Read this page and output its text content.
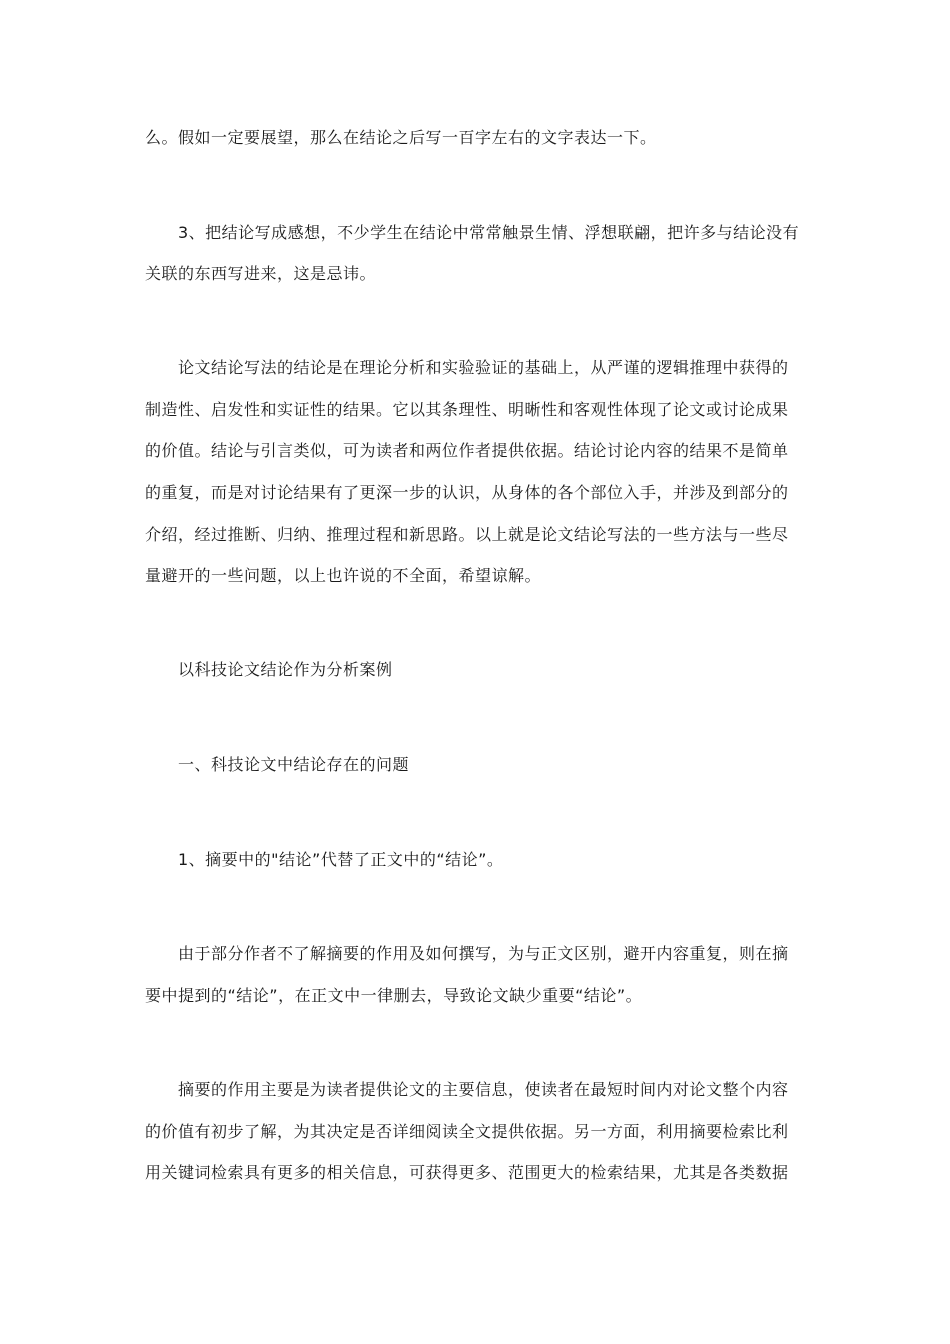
么。假如一定要展望，那么在结论之后写一百字左右的文字表达一下。
3、把结论写成感想，不少学生在结论中常常触景生情、浮想联翩，把许多与结论没有
关联的东西写进来，这是忌讳。
论文结论写法的结论是在理论分析和实验验证的基础上，从严谨的逻辑推理中获得的
制造性、启发性和实证性的结果。它以其条理性、明晰性和客观性体现了论文或讨论成果
的价值。结论与引言类似，可为读者和两位作者提供依据。结论讨论内容的结果不是简单
的重复，而是对讨论结果有了更深一步的认识，从身体的各个部位入手，并涉及到部分的
介绍，经过推断、归纳、推理过程和新思路。以上就是论文结论写法的一些方法与一些尽
量避开的一些问题，以上也许说的不全面，希望谅解。
以科技论文结论作为分析案例
一、科技论文中结论存在的问题
1、摘要中的"结论”代替了正文中的“结论”。
由于部分作者不了解摘要的作用及如何撰写，为与正文区别，避开内容重复，则在摘
要中提到的“结论”，在正文中一律删去，导致论文缺少重要“结论”。
摘要的作用主要是为读者提供论文的主要信息，使读者在最短时间内对论文整个内容
的价值有初步了解，为其决定是否详细阅读全文提供依据。另一方面，利用摘要检索比利
用关键词检索具有更多的相关信息，可获得更多、范围更大的检索结果，尤其是各类数据
